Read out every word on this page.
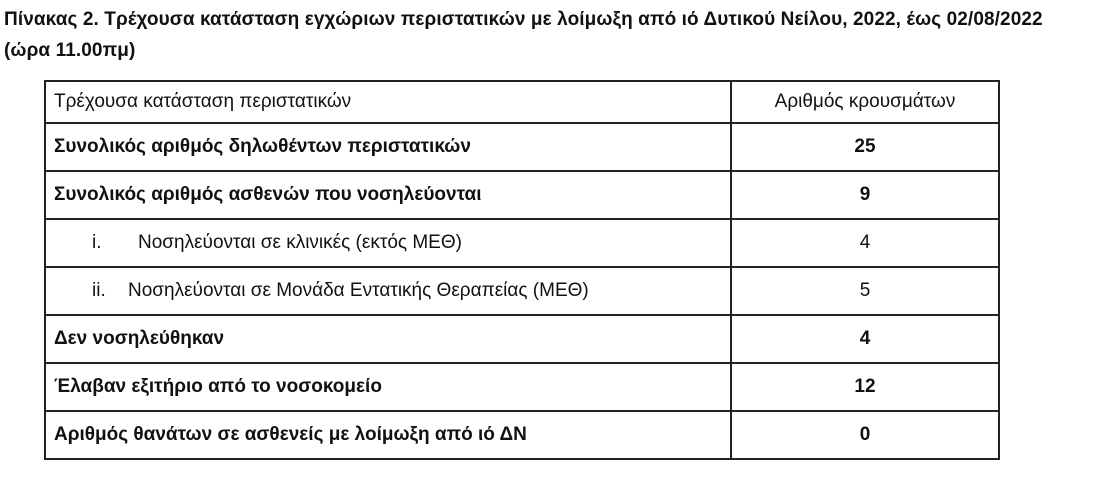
Πίνακας 2. Τρέχουσα κατάσταση εγχώριων περιστατικών με λοίμωξη από ιό Δυτικού Νείλου, 2022, έως 02/08/2022 (ώρα 11.00πμ)
Τρέχουσα κατάσταση περιστατικών	Αριθμός κρουσμάτων
Συνολικός αριθμός δηλωθέντων περιστατικών	25
Συνολικός αριθμός ασθενών που νοσηλεύονται	9
i. Νοσηλεύονται σε κλινικές (εκτός ΜΕΘ)	4
ii. Νοσηλεύονται σε Μονάδα Εντατικής Θεραπείας (ΜΕΘ)	5
Δεν νοσηλεύθηκαν	4
Έλαβαν εξιτήριο από το νοσοκομείο	12
Αριθμός θανάτων σε ασθενείς με λοίμωξη από ιό ΔΝ	0
